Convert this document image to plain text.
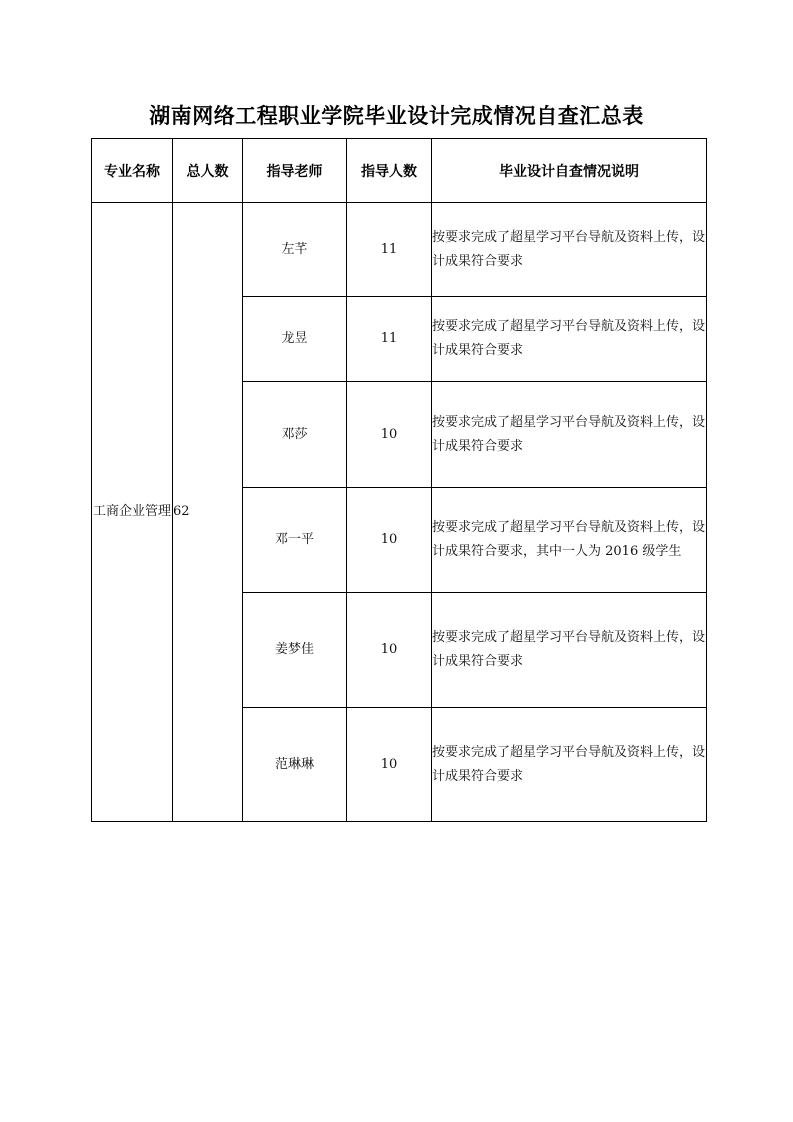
湖南网络工程职业学院毕业设计完成情况自查汇总表
专业名称	总人数	指导老师	指导人数	毕业设计自查情况说明
工商企业管理	62	左芊	11	按要求完成了超星学习平台导航及资料上传，设计成果符合要求
		龙昱	11	按要求完成了超星学习平台导航及资料上传，设计成果符合要求
		邓莎	10	按要求完成了超星学习平台导航及资料上传，设计成果符合要求
		邓一平	10	按要求完成了超星学习平台导航及资料上传，设计成果符合要求，其中一人为 2016 级学生
		姜梦佳	10	按要求完成了超星学习平台导航及资料上传，设计成果符合要求
		范琳琳	10	按要求完成了超星学习平台导航及资料上传，设计成果符合要求
